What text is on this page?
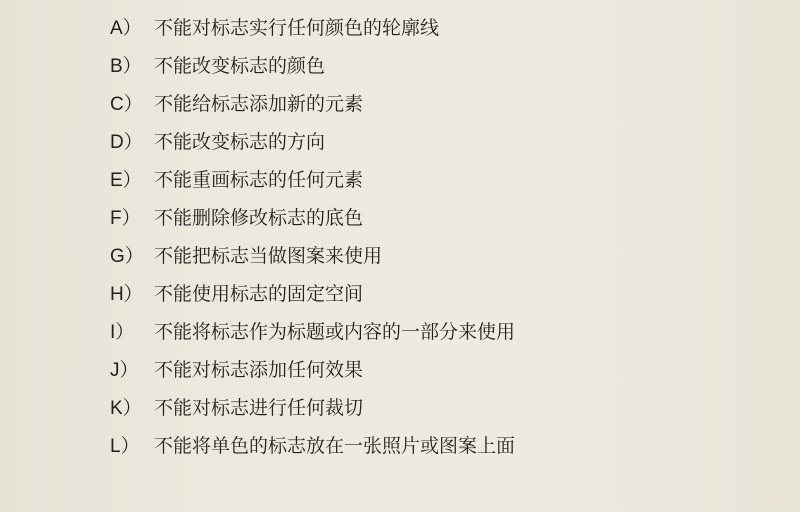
A） 不能对标志实行任何颜色的轮廓线
B） 不能改变标志的颜色
C） 不能给标志添加新的元素
D） 不能改变标志的方向
E） 不能重画标志的任何元素
F） 不能删除修改标志的底色
G） 不能把标志当做图案来使用
H） 不能使用标志的固定空间
I）	不能将标志作为标题或内容的一部分来使用
J） 不能对标志添加任何效果
K） 不能对标志进行任何裁切
L） 不能将单色的标志放在一张照片或图案上面
